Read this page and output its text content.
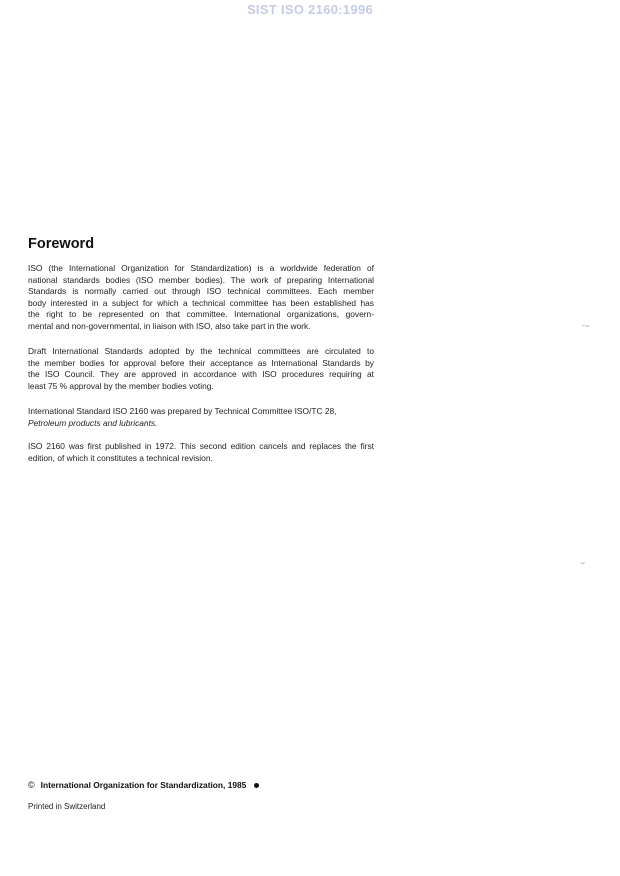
SIST ISO 2160:1996
Foreword
ISO (the International Organization for Standardization) is a worldwide federation of
national standards bodies (ISO member bodies). The work of preparing International
Standards is normally carried out through ISO technical committees. Each member
body interested in a subject for which a technical committee has been established has
the right to be represented on that committee. International organizations, govern-
mental and non-governmental, in liaison with ISO, also take part in the work.
Draft International Standards adopted by the technical committees are circulated to
the member bodies for approval before their acceptance as International Standards by
the ISO Council. They are approved in accordance with ISO procedures requiring at
least 75 % approval by the member bodies voting.
International Standard ISO 2160 was prepared by Technical Committee ISO/TC 28,
Petroleum products and lubricants.
ISO 2160 was first published in 1972. This second edition cancels and replaces the first
edition, of which it constitutes a technical revision.
-⌣
⌣
© International Organization for Standardization, 1985
Printed in Switzerland
